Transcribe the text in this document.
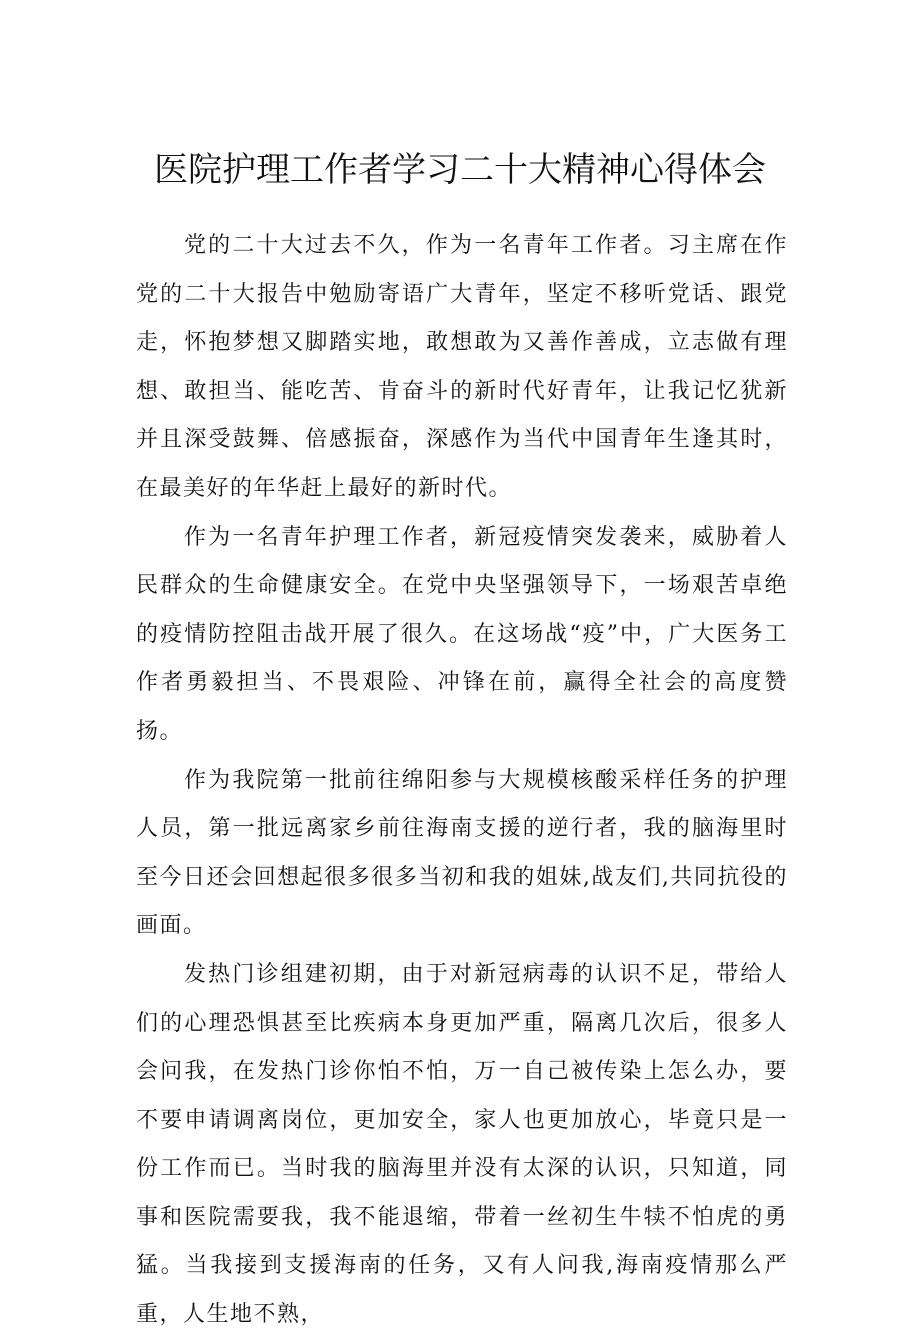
医院护理工作者学习二十大精神心得体会

党的二十大过去不久，作为一名青年工作者。习主席在作党的二十大报告中勉励寄语广大青年，坚定不移听党话、跟党走，怀抱梦想又脚踏实地，敢想敢为又善作善成，立志做有理想、敢担当、能吃苦、肯奋斗的新时代好青年，让我记忆犹新并且深受鼓舞、倍感振奋，深感作为当代中国青年生逢其时，在最美好的年华赶上最好的新时代。

作为一名青年护理工作者，新冠疫情突发袭来，威胁着人民群众的生命健康安全。在党中央坚强领导下，一场艰苦卓绝的疫情防控阻击战开展了很久。在这场战“疫”中，广大医务工作者勇毅担当、不畏艰险、冲锋在前，赢得全社会的高度赞扬。

作为我院第一批前往绵阳参与大规模核酸采样任务的护理人员，第一批远离家乡前往海南支援的逆行者，我的脑海里时至今日还会回想起很多很多当初和我的姐妹,战友们,共同抗役的画面。

发热门诊组建初期，由于对新冠病毒的认识不足，带给人们的心理恐惧甚至比疾病本身更加严重，隔离几次后，很多人会问我，在发热门诊你怕不怕，万一自己被传染上怎么办，要不要申请调离岗位，更加安全，家人也更加放心，毕竟只是一份工作而已。当时我的脑海里并没有太深的认识，只知道，同事和医院需要我，我不能退缩，带着一丝初生牛犊不怕虎的勇猛。当我接到支援海南的任务，又有人问我,海南疫情那么严重，人生地不熟，
